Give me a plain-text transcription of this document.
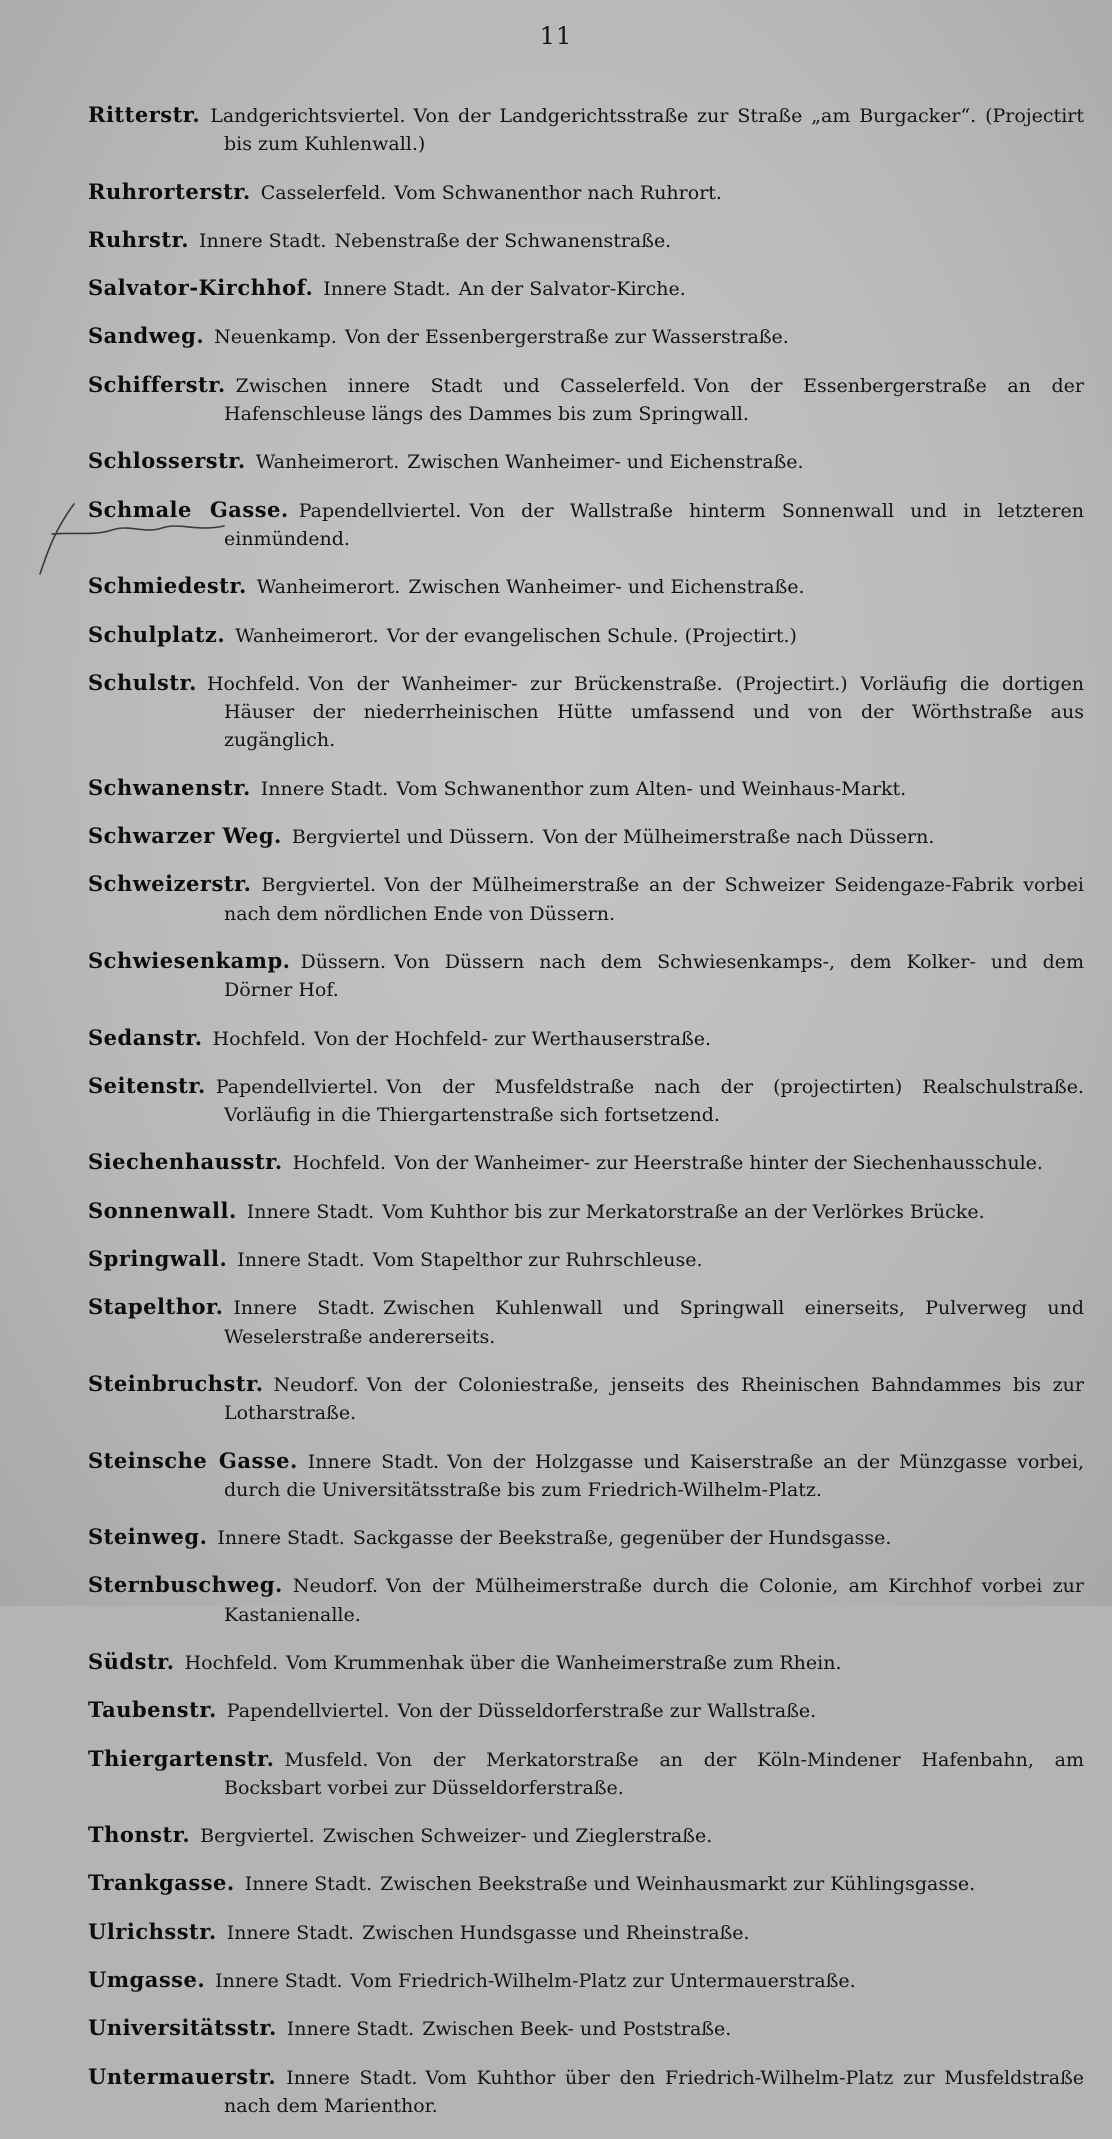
11

Ritterstr. Landgerichtsviertel. Von der Landgerichtsstraße zur Straße „am Burgacker“. (Projectirt bis zum Kuhlenwall.)

Ruhrorterstr. Casselerfeld. Vom Schwanenthor nach Ruhrort.

Ruhrstr. Innere Stadt. Nebenstraße der Schwanenstraße.

Salvator-Kirchhof. Innere Stadt. An der Salvator-Kirche.

Sandweg. Neuenkamp. Von der Essenbergerstraße zur Wasserstraße.

Schifferstr. Zwischen innere Stadt und Casselerfeld. Von der Essenbergerstraße an der Hafenschleuse längs des Dammes bis zum Springwall.

Schlosserstr. Wanheimerort. Zwischen Wanheimer- und Eichenstraße.

Schmale Gasse. Papendellviertel. Von der Wallstraße hinterm Sonnenwall und in letzteren einmündend.

Schmiedestr. Wanheimerort. Zwischen Wanheimer- und Eichenstraße.

Schulplatz. Wanheimerort. Vor der evangelischen Schule. (Projectirt.)

Schulstr. Hochfeld. Von der Wanheimer- zur Brückenstraße. (Projectirt.) Vorläufig die dortigen Häuser der niederrheinischen Hütte umfassend und von der Wörthstraße aus zugänglich.

Schwanenstr. Innere Stadt. Vom Schwanenthor zum Alten- und Weinhaus-Markt.

Schwarzer Weg. Bergviertel und Düssern. Von der Mülheimerstraße nach Düssern.

Schweizerstr. Bergviertel. Von der Mülheimerstraße an der Schweizer Seidengaze-Fabrik vorbei nach dem nördlichen Ende von Düssern.

Schwiesenkamp. Düssern. Von Düssern nach dem Schwiesenkamps-, dem Kolker- und dem Dörner Hof.

Sedanstr. Hochfeld. Von der Hochfeld- zur Werthauserstraße.

Seitenstr. Papendellviertel. Von der Musfeldstraße nach der (projectirten) Realschulstraße. Vorläufig in die Thiergartenstraße sich fortsetzend.

Siechenhausstr. Hochfeld. Von der Wanheimer- zur Heerstraße hinter der Siechenhausschule.

Sonnenwall. Innere Stadt. Vom Kuhthor bis zur Merkatorstraße an der Verlörkes Brücke.

Springwall. Innere Stadt. Vom Stapelthor zur Ruhrschleuse.

Stapelthor. Innere Stadt. Zwischen Kuhlenwall und Springwall einerseits, Pulverweg und Weselerstraße andererseits.

Steinbruchstr. Neudorf. Von der Coloniestraße, jenseits des Rheinischen Bahndammes bis zur Lotharstraße.

Steinsche Gasse. Innere Stadt. Von der Holzgasse und Kaiserstraße an der Münzgasse vorbei, durch die Universitätsstraße bis zum Friedrich-Wilhelm-Platz.

Steinweg. Innere Stadt. Sackgasse der Beekstraße, gegenüber der Hundsgasse.

Sternbuschweg. Neudorf. Von der Mülheimerstraße durch die Colonie, am Kirchhof vorbei zur Kastanienalle.

Südstr. Hochfeld. Vom Krummenhak über die Wanheimerstraße zum Rhein.

Taubenstr. Papendellviertel. Von der Düsseldorferstraße zur Wallstraße.

Thiergartenstr. Musfeld. Von der Merkatorstraße an der Köln-Mindener Hafenbahn, am Bocksbart vorbei zur Düsseldorferstraße.

Thonstr. Bergviertel. Zwischen Schweizer- und Zieglerstraße.

Trankgasse. Innere Stadt. Zwischen Beekstraße und Weinhausmarkt zur Kühlingsgasse.

Ulrichsstr. Innere Stadt. Zwischen Hundsgasse und Rheinstraße.

Umgasse. Innere Stadt. Vom Friedrich-Wilhelm-Platz zur Untermauerstraße.

Universitätsstr. Innere Stadt. Zwischen Beek- und Poststraße.

Untermauerstr. Innere Stadt. Vom Kuhthor über den Friedrich-Wilhelm-Platz zur Musfeldstraße nach dem Marienthor.
